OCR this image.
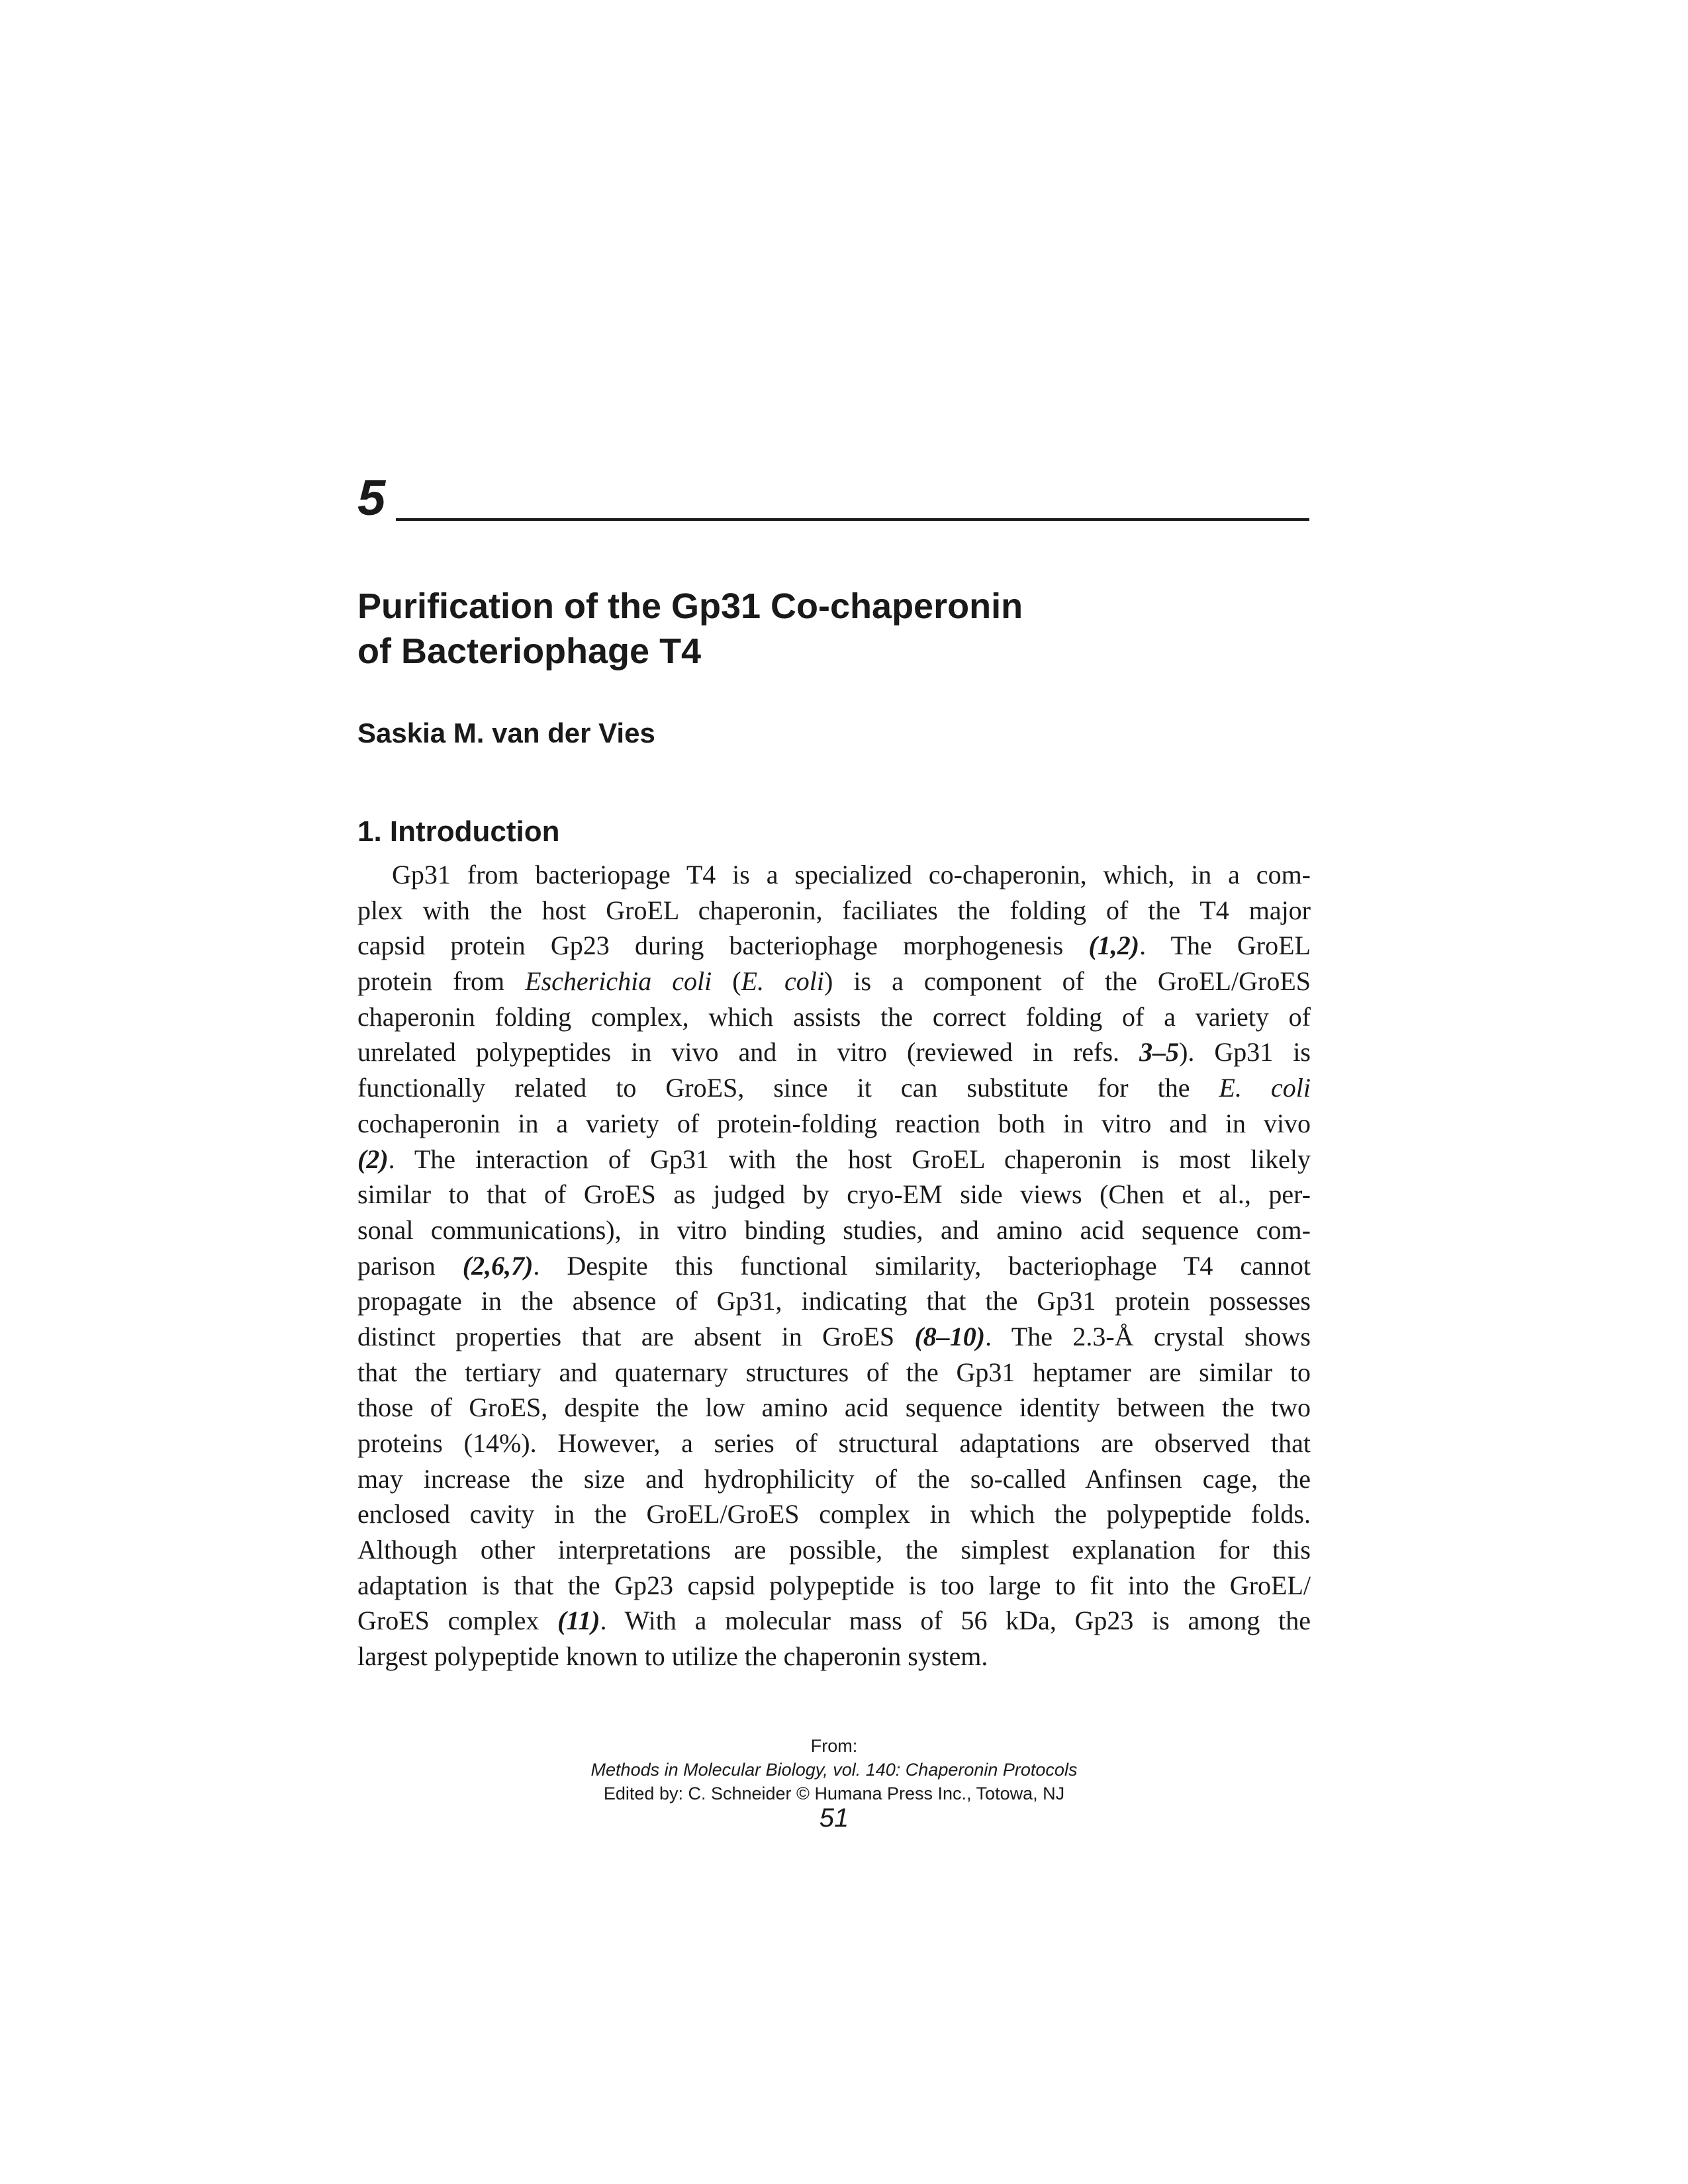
5
Purification of the Gp31 Co-chaperonin
of Bacteriophage T4
Saskia M. van der Vies
1. Introduction
Gp31 from bacteriopage T4 is a specialized co-chaperonin, which, in a com-
plex with the host GroEL chaperonin, faciliates the folding of the T4 major
capsid protein Gp23 during bacteriophage morphogenesis (1,2). The GroEL
protein from Escherichia coli (E. coli) is a component of the GroEL/GroES
chaperonin folding complex, which assists the correct folding of a variety of
unrelated polypeptides in vivo and in vitro (reviewed in refs. 3–5). Gp31 is
functionally related to GroES, since it can substitute for the E. coli
cochaperonin in a variety of protein-folding reaction both in vitro and in vivo
(2). The interaction of Gp31 with the host GroEL chaperonin is most likely
similar to that of GroES as judged by cryo-EM side views (Chen et al., per-
sonal communications), in vitro binding studies, and amino acid sequence com-
parison (2,6,7). Despite this functional similarity, bacteriophage T4 cannot
propagate in the absence of Gp31, indicating that the Gp31 protein possesses
distinct properties that are absent in GroES (8–10). The 2.3-Å crystal shows
that the tertiary and quaternary structures of the Gp31 heptamer are similar to
those of GroES, despite the low amino acid sequence identity between the two
proteins (14%). However, a series of structural adaptations are observed that
may increase the size and hydrophilicity of the so-called Anfinsen cage, the
enclosed cavity in the GroEL/GroES complex in which the polypeptide folds.
Although other interpretations are possible, the simplest explanation for this
adaptation is that the Gp23 capsid polypeptide is too large to fit into the GroEL/
GroES complex (11). With a molecular mass of 56 kDa, Gp23 is among the
largest polypeptide known to utilize the chaperonin system.
From:
Methods in Molecular Biology, vol. 140: Chaperonin Protocols
Edited by: C. Schneider © Humana Press Inc., Totowa, NJ
51
